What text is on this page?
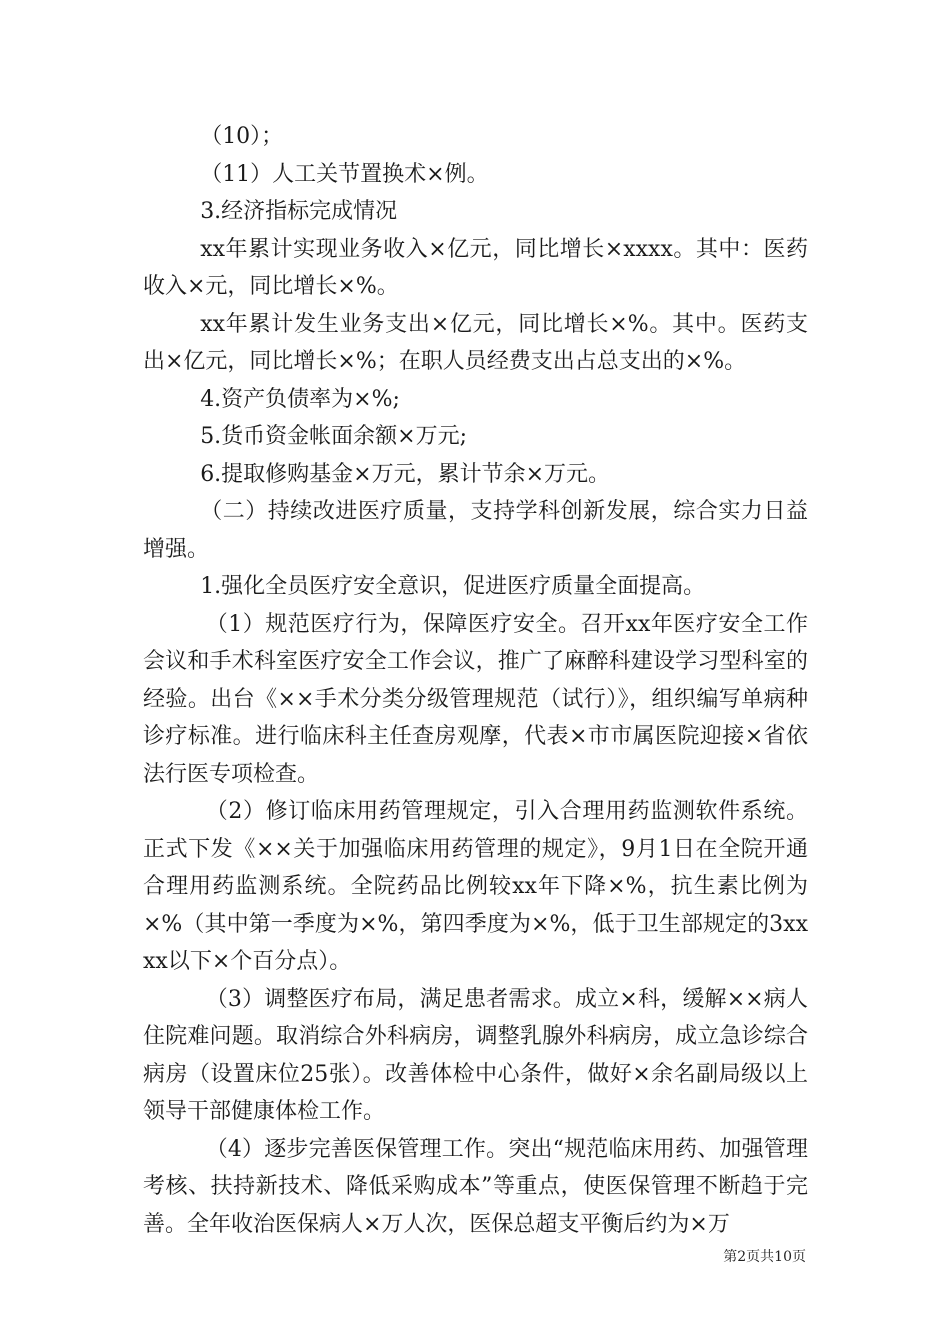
（10）；

（11）人工关节置换术×例。

3.经济指标完成情况

xx年累计实现业务收入×亿元，同比增长×xxxx。其中：医药收入×元，同比增长×%。

xx年累计发生业务支出×亿元，同比增长×%。其中。医药支出×亿元，同比增长×%；在职人员经费支出占总支出的×%。

4.资产负债率为×%;

5.货币资金帐面余额×万元;

6.提取修购基金×万元，累计节余×万元。

（二）持续改进医疗质量，支持学科创新发展，综合实力日益增强。

1.强化全员医疗安全意识，促进医疗质量全面提高。

（1）规范医疗行为，保障医疗安全。召开xx年医疗安全工作会议和手术科室医疗安全工作会议，推广了麻醉科建设学习型科室的经验。出台《××手术分类分级管理规范（试行）》，组织编写单病种诊疗标准。进行临床科主任查房观摩，代表×市市属医院迎接×省依法行医专项检查。

（2）修订临床用药管理规定，引入合理用药监测软件系统。正式下发《××关于加强临床用药管理的规定》，9月1日在全院开通合理用药监测系统。全院药品比例较xx年下降×%，抗生素比例为×%（其中第一季度为×%，第四季度为×%，低于卫生部规定的3xxxx以下×个百分点）。

（3）调整医疗布局，满足患者需求。成立×科，缓解××病人住院难问题。取消综合外科病房，调整乳腺外科病房，成立急诊综合病房（设置床位25张）。改善体检中心条件，做好×余名副局级以上领导干部健康体检工作。

（4）逐步完善医保管理工作。突出“规范临床用药、加强管理考核、扶持新技术、降低采购成本”等重点，使医保管理不断趋于完善。全年收治医保病人×万人次，医保总超支平衡后约为×万

第2页共10页
